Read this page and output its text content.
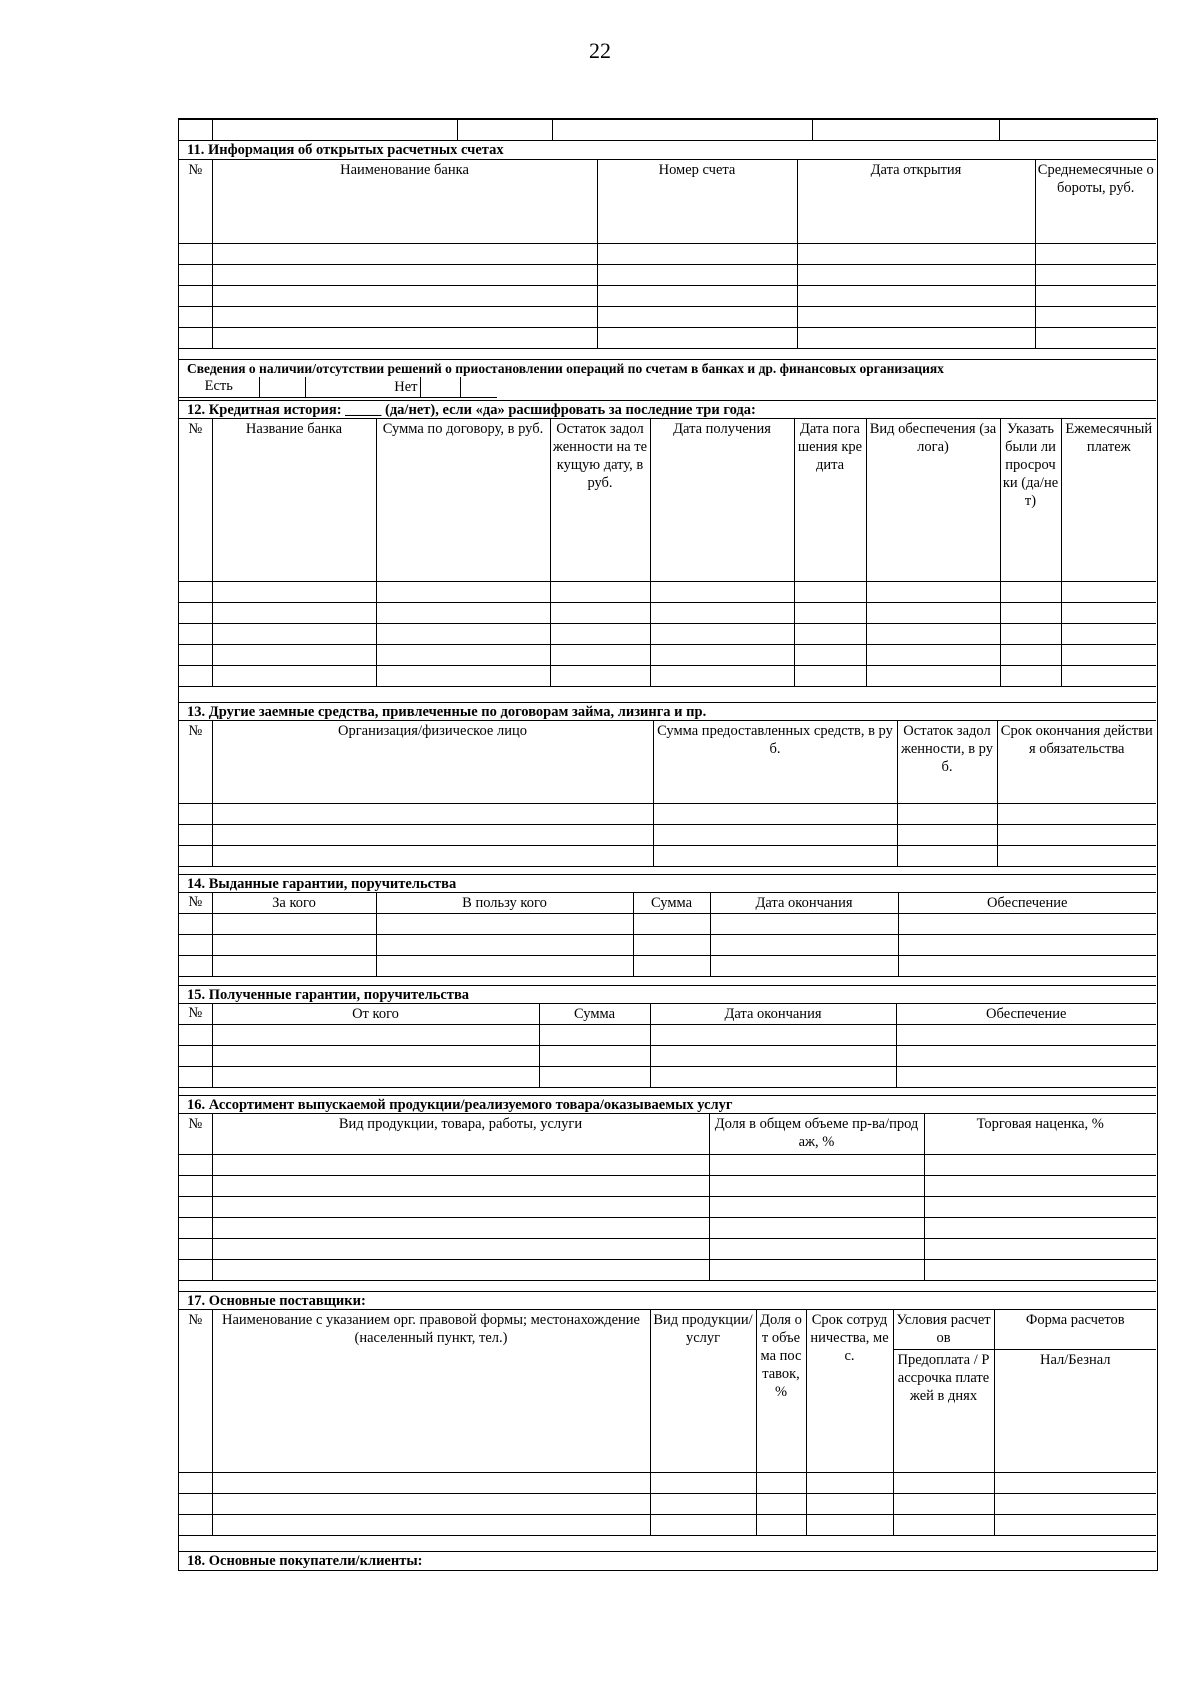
22

11. Информация об открытых расчетных счетах
№	Наименование банка	Номер счета	Дата открытия	Среднемесячные обороты, руб.

Сведения о наличии/отсутствии решений о приостановлении операций по счетам в банках и др. финансовых организациях
Есть		Нет			
12. Кредитная история: _____ (да/нет), если «да» расшифровать за последние три года:
№	Название банка	Сумма по договору, в руб.	Остаток задолженности на текущую дату, в руб.	Дата получения	Дата погашения кредита	Вид обеспечения (залога)	Указать были ли просрочки (да/нет)	Ежемесячный платеж

13. Другие заемные средства, привлеченные по договорам займа, лизинга и пр.
№	Организация/физическое лицо	Сумма предоставленных средств, в руб.	Остаток задолженности, в руб.	Срок окончания действия обязательства

14. Выданные гарантии, поручительства
№	За кого	В пользу кого	Сумма	Дата окончания	Обеспечение

15. Полученные гарантии, поручительства
№	От кого	Сумма	Дата окончания	Обеспечение

16. Ассортимент выпускаемой продукции/реализуемого товара/оказываемых услуг
№	Вид продукции, товара, работы, услуги	Доля в общем объеме пр-ва/продаж, %	Торговая наценка, %

17. Основные поставщики:
№	Наименование с указанием орг. правовой формы; местонахождение (населенный пункт, тел.)	Вид продукции/услуг	Доля от объема поставок, %	Срок сотрудничества, мес.	Условия расчетов	Форма расчетов
					Предоплата / Рассрочка платежей в днях	Нал/Безнал

18. Основные покупатели/клиенты:
